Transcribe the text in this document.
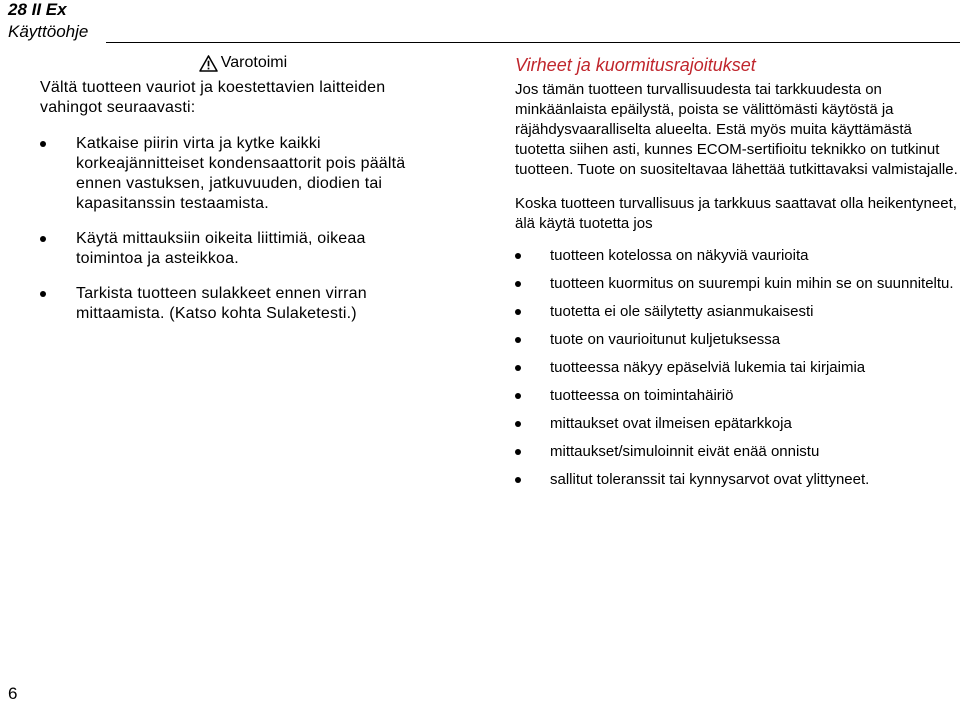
28 II Ex
Käyttöohje
Varotoimi
Vältä tuotteen vauriot ja koestettavien laitteiden vahingot seuraavasti:
Katkaise piirin virta ja kytke kaikki korkeajännitteiset kondensaattorit pois päältä ennen vastuksen, jatkuvuuden, diodien tai kapasitanssin testaamista.
Käytä mittauksiin oikeita liittimiä, oikeaa toimintoa ja asteikkoa.
Tarkista tuotteen sulakkeet ennen virran mittaamista. (Katso kohta Sulaketesti.)
Virheet ja kuormitusrajoitukset

Jos tämän tuotteen turvallisuudesta tai tarkkuudesta on minkäänlaista epäilystä, poista se välittömästi käytöstä ja räjähdysvaaralliselta alueelta. Estä myös muita käyttämästä tuotetta siihen asti, kunnes ECOM-sertifioitu teknikko on tutkinut tuotteen. Tuote on suositeltavaa lähettää tutkittavaksi valmistajalle.

Koska tuotteen turvallisuus ja tarkkuus saattavat olla heikentyneet, älä käytä tuotetta jos

tuotteen kotelossa on näkyviä vaurioita
tuotteen kuormitus on suurempi kuin mihin se on suunniteltu.
tuotetta ei ole säilytetty asianmukaisesti
tuote on vaurioitunut kuljetuksessa
tuotteessa näkyy epäselviä lukemia tai kirjaimia
tuotteessa on toimintahäiriö
mittaukset ovat ilmeisen epätarkkoja
mittaukset/simuloinnit eivät enää onnistu
sallitut toleranssit tai kynnysarvot ovat ylittyneet.
6
